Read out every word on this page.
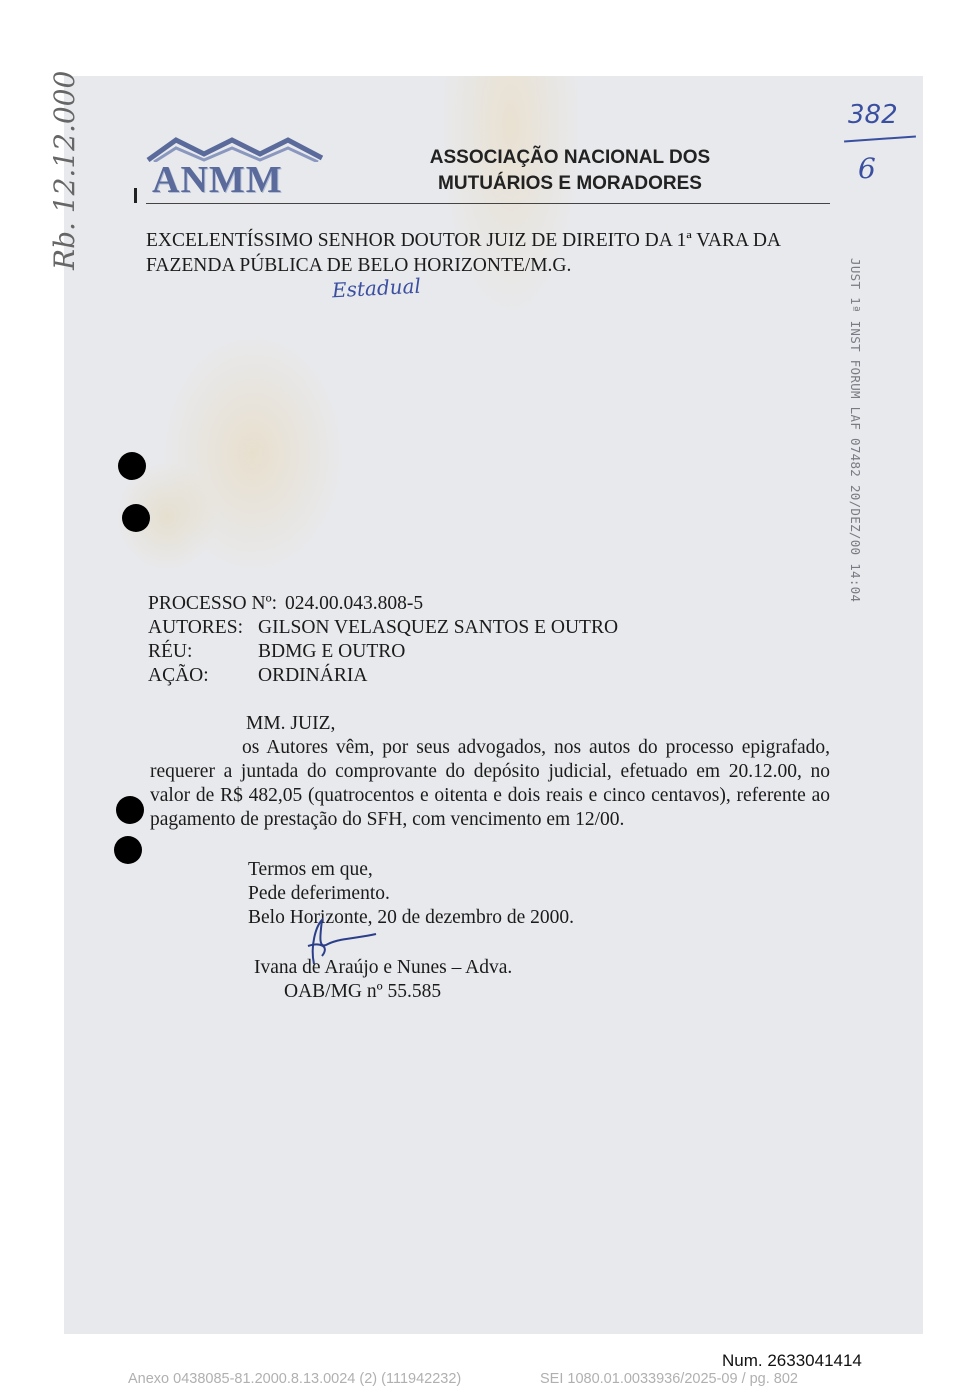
ANMM
ASSOCIAÇÃO NACIONAL DOS
MUTUÁRIOS E MORADORES
382
6
Rb. 12.12.000	EXCELENTÍSSIMO SENHOR DOUTOR JUIZ DE DIREITO DA 1ª VARA DA
FAZENDA PÚBLICA DE BELO HORIZONTE/M.G.
Estadual	JUST 1ª INST FORUM LAF 07482 20/DEZ/00 14:04
PROCESSO Nº: 024.00.043.808-5
AUTORES: GILSON VELASQUEZ SANTOS E OUTRO
RÉU:	BDMG E OUTRO
AÇÃO:	ORDINÁRIA
MM. JUIZ,
os Autores vêm, por seus advogados, nos autos do processo epigrafado, requerer a juntada do comprovante do depósito judicial, efetuado em 20.12.00, no valor de R$ 482,05 (quatrocentos e oitenta e dois reais e cinco centavos), referente ao pagamento de prestação do SFH, com vencimento em 12/00.
Termos em que,
Pede deferimento.
Belo Horizonte, 20 de dezembro de 2000.
Ivana de Araújo e Nunes – Adva.
OAB/MG nº 55.585
Num. 2633041414
Anexo 0438085-81.2000.8.13.0024 (2) (111942232)	SEI 1080.01.0033936/2025-09 / pg. 802
